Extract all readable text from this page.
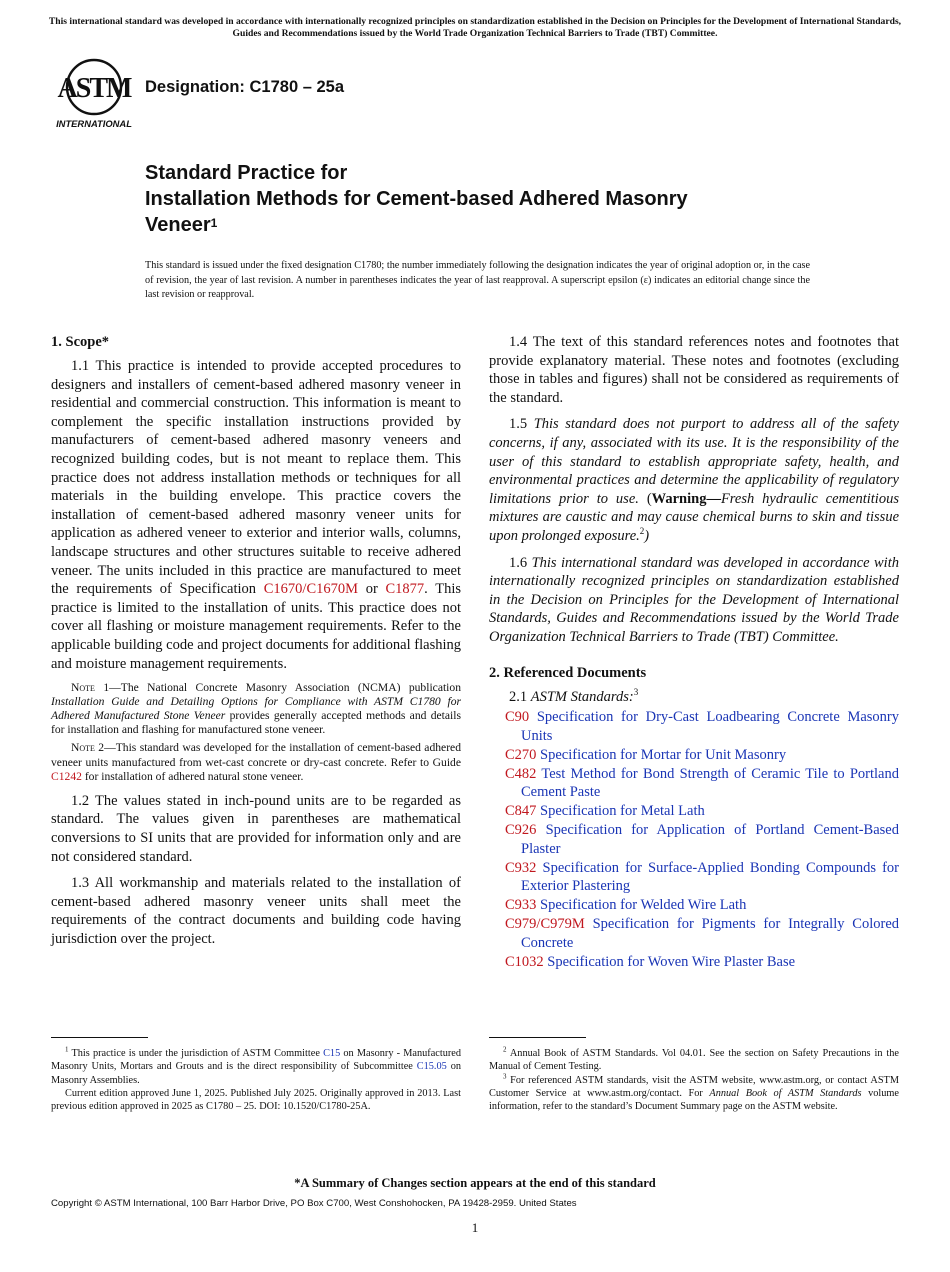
This international standard was developed in accordance with internationally recognized principles on standardization established in the Decision on Principles for the Development of International Standards, Guides and Recommendations issued by the World Trade Organization Technical Barriers to Trade (TBT) Committee.
ASTM
INTERNATIONAL
Designation: C1780 – 25a
Standard Practice for
Installation Methods for Cement-based Adhered Masonry
Veneer$^1$
This standard is issued under the fixed designation C1780; the number immediately following the designation indicates the year of original adoption or, in the case of revision, the year of last revision. A number in parentheses indicates the year of last reapproval. A superscript epsilon (ε) indicates an editorial change since the last revision or reapproval.
1. Scope*

1.1 This practice is intended to provide accepted procedures to designers and installers of cement-based adhered masonry veneer in residential and commercial construction. This information is meant to complement the specific installation instructions provided by manufacturers of cement-based adhered masonry veneers and recognized building codes, but is not meant to replace them. This practice does not address installation methods or techniques for all materials in the building envelope. This practice covers the installation of cement-based adhered masonry veneer units for application as adhered veneer to exterior and interior walls, columns, landscape structures and other structures suitable to receive adhered veneer. The units included in this practice are manufactured to meet the requirements of Specification C1670/C1670M or C1877. This practice is limited to the installation of units. This practice does not cover all flashing or moisture management requirements. Refer to the applicable building code and project documents for additional flashing and moisture management requirements.

Note 1—The National Concrete Masonry Association (NCMA) publication Installation Guide and Detailing Options for Compliance with ASTM C1780 for Adhered Manufactured Stone Veneer provides generally accepted methods and details for installation and flashing for manufactured stone veneer.

Note 2—This standard was developed for the installation of cement-based adhered veneer units manufactured from wet-cast concrete or dry-cast concrete. Refer to Guide C1242 for installation of adhered natural stone veneer.

1.2 The values stated in inch-pound units are to be regarded as standard. The values given in parentheses are mathematical conversions to SI units that are provided for information only and are not considered standard.

1.3 All workmanship and materials related to the installation of cement-based adhered masonry veneer units shall meet the requirements of the contract documents and building code having jurisdiction over the project.

1.4 The text of this standard references notes and footnotes that provide explanatory material. These notes and footnotes (excluding those in tables and figures) shall not be considered as requirements of the standard.

1.5 This standard does not purport to address all of the safety concerns, if any, associated with its use. It is the responsibility of the user of this standard to establish appropriate safety, health, and environmental practices and determine the applicability of regulatory limitations prior to use. (Warning—Fresh hydraulic cementitious mixtures are caustic and may cause chemical burns to skin and tissue upon prolonged exposure.$^2$)

1.6 This international standard was developed in accordance with internationally recognized principles on standardization established in the Decision on Principles for the Development of International Standards, Guides and Recommendations issued by the World Trade Organization Technical Barriers to Trade (TBT) Committee.

2. Referenced Documents

2.1 ASTM Standards:$^3$

C90 Specification for Dry-Cast Loadbearing Concrete Masonry Units
C270 Specification for Mortar for Unit Masonry
C482 Test Method for Bond Strength of Ceramic Tile to Portland Cement Paste
C847 Specification for Metal Lath
C926 Specification for Application of Portland Cement-Based Plaster
C932 Specification for Surface-Applied Bonding Compounds for Exterior Plastering
C933 Specification for Welded Wire Lath
C979/C979M Specification for Pigments for Integrally Colored Concrete
C1032 Specification for Woven Wire Plaster Base

$^1$ This practice is under the jurisdiction of ASTM Committee C15 on Masonry - Manufactured Masonry Units, Mortars and Grouts and is the direct responsibility of Subcommittee C15.05 on Masonry Assemblies.

Current edition approved June 1, 2025. Published July 2025. Originally approved in 2013. Last previous edition approved in 2025 as C1780 – 25. DOI: 10.1520/C1780-25A.

$^2$ Annual Book of ASTM Standards. Vol 04.01. See the section on Safety Precautions in the Manual of Cement Testing.

$^3$ For referenced ASTM standards, visit the ASTM website, www.astm.org, or contact ASTM Customer Service at www.astm.org/contact. For Annual Book of ASTM Standards volume information, refer to the standard’s Document Summary page on the ASTM website.

*A Summary of Changes section appears at the end of this standard
Copyright © ASTM International, 100 Barr Harbor Drive, PO Box C700, West Conshohocken, PA 19428-2959. United States
1
